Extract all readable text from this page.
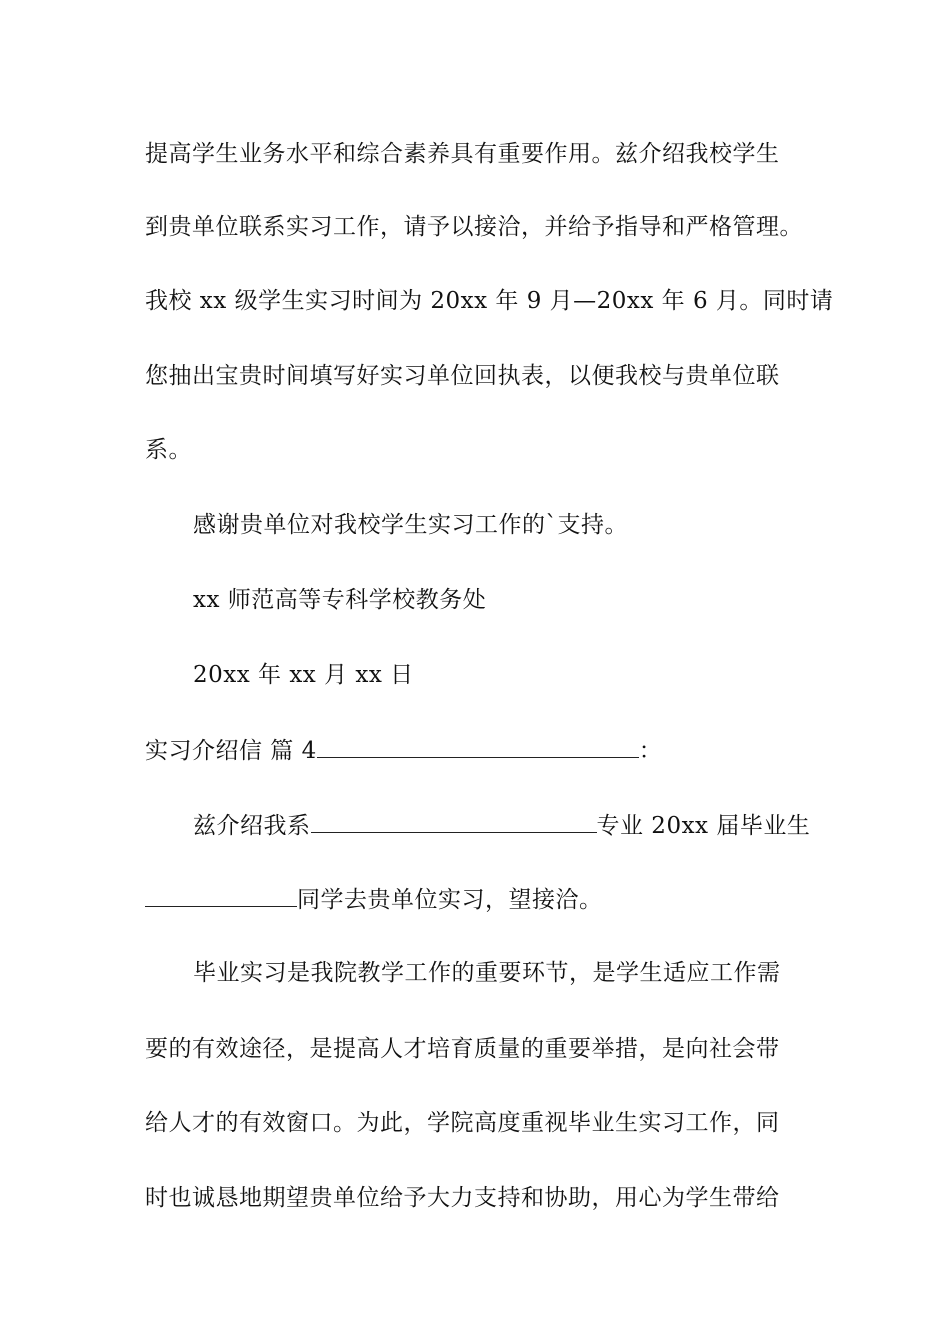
提高学生业务水平和综合素养具有重要作用。兹介绍我校学生
到贵单位联系实习工作，请予以接洽，并给予指导和严格管理。
我校 xx 级学生实习时间为 20xx 年 9 月—20xx 年 6 月。同时请
您抽出宝贵时间填写好实习单位回执表，以便我校与贵单位联
系。
感谢贵单位对我校学生实习工作的`支持。
xx 师范高等专科学校教务处
20xx 年 xx 月 xx 日
实习介绍信 篇 4	：
兹介绍我系	专业 20xx 届毕业生
同学去贵单位实习，望接洽。
毕业实习是我院教学工作的重要环节，是学生适应工作需
要的有效途径，是提高人才培育质量的重要举措，是向社会带
给人才的有效窗口。为此，学院高度重视毕业生实习工作，同
时也诚恳地期望贵单位给予大力支持和协助，用心为学生带给
